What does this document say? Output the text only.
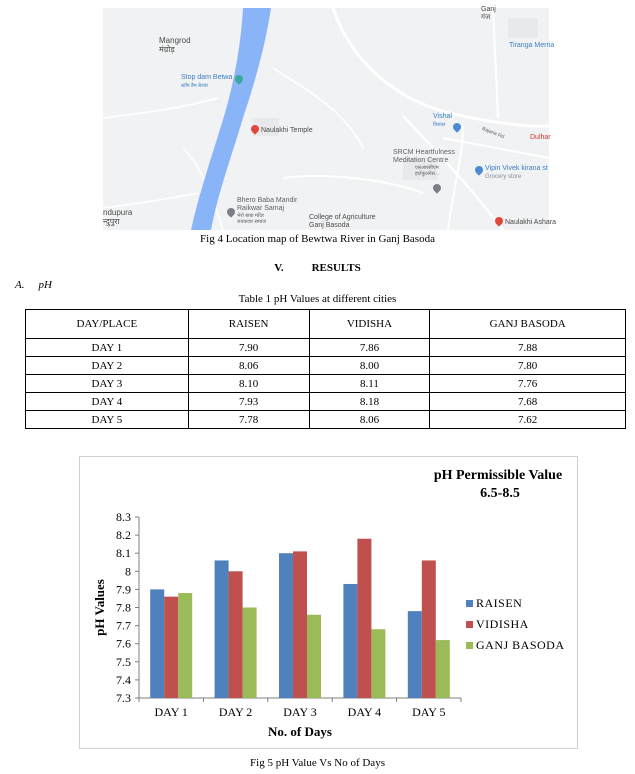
Ganj
गंज
Mangrod
मंग्रोड़	Tiranga Merria
Stop dam Betwa
स्टॉप डैम बेतवा
Naulakhi Temple
Vishal
विशाल
Bajaria Rd	Dulhar
SRCM Heartfulness
Meditation Centre
एसआरसीएम
हार्टफुलनेस...
Vipin Vivek kirana st
Grocery store
Bhero Baba Mandir
Raikwar Samaj
भेरो बाबा मंदिर
रायकवार समाज
College of Agriculture
Ganj Basoda	Naulakhi Ashara
ndupura
न्दुपुरा
Fig 4 Location map of Bewtwa River in Ganj Basoda
V.	RESULTS
A. pH
Table 1 pH Values at different cities
DAY/PLACE	RAISEN	VIDISHA	GANJ BASODA
DAY 1	7.90	7.86	7.88
DAY 2	8.06	8.00	7.80
DAY 3	8.10	8.11	7.76
DAY 4	7.93	8.18	7.68
DAY 5	7.78	8.06	7.62
pH Permissible Value
6.5-8.5
7.3
7.4
7.5
7.6
7.7
7.8
7.9
8
8.1
8.2
8.3
DAY 1	DAY 2	DAY 3	DAY 4	DAY 5
No. of Days
pH Values	RAISEN
VIDISHA
GANJ BASODA
Fig 5 pH Value Vs No of Days
